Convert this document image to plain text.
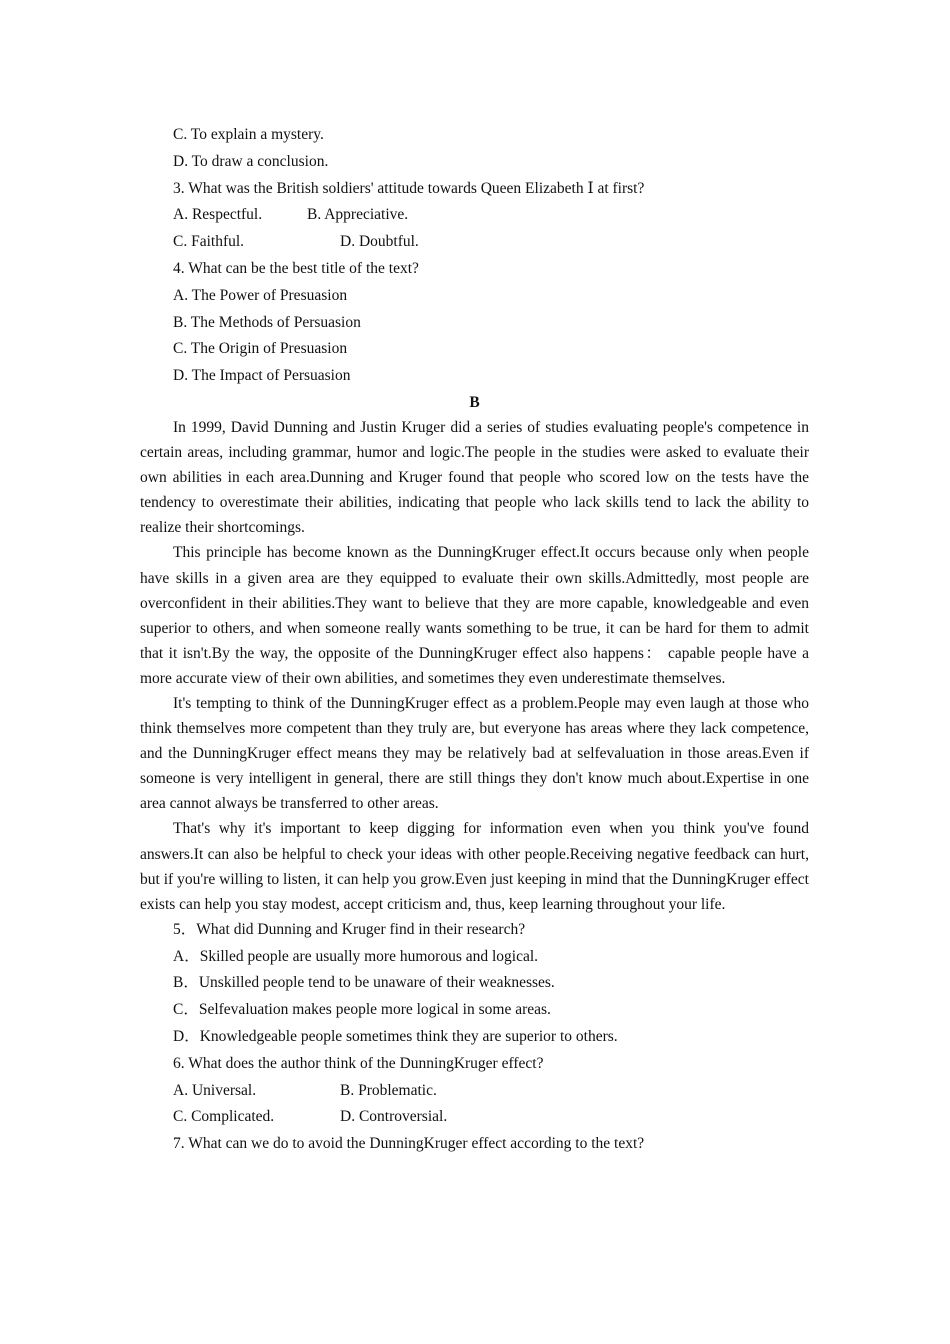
C. To explain a mystery.
D. To draw a conclusion.
3. What was the British soldiers' attitude towards Queen Elizabeth Ⅰ at first?
A. Respectful.	B. Appreciative.
C. Faithful.	D. Doubtful.
4. What can be the best title of the text?
A. The Power of Presuasion
B. The Methods of Persuasion
C. The Origin of Presuasion
D. The Impact of Persuasion
B

In 1999, David Dunning and Justin Kruger did a series of studies evaluating people's competence in certain areas, including grammar, humor and logic.The people in the studies were asked to evaluate their own abilities in each area.Dunning and Kruger found that people who scored low on the tests have the tendency to overestimate their abilities, indicating that people who lack skills tend to lack the ability to realize their shortcomings.

This principle has become known as the DunningKruger effect.It occurs because only when people have skills in a given area are they equipped to evaluate their own skills.Admittedly, most people are overconfident in their abilities.They want to believe that they are more capable, knowledgeable and even superior to others, and when someone really wants something to be true, it can be hard for them to admit that it isn't.By the way, the opposite of the DunningKruger effect also happens： capable people have a more accurate view of their own abilities, and sometimes they even underestimate themselves.

It's tempting to think of the DunningKruger effect as a problem.People may even laugh at those who think themselves more competent than they truly are, but everyone has areas where they lack competence, and the DunningKruger effect means they may be relatively bad at selfevaluation in those areas.Even if someone is very intelligent in general, there are still things they don't know much about.Expertise in one area cannot always be transferred to other areas.

That's why it's important to keep digging for information even when you think you've found answers.It can also be helpful to check your ideas with other people.Receiving negative feedback can hurt, but if you're willing to listen, it can help you grow.Even just keeping in mind that the DunningKruger effect exists can help you stay modest, accept criticism and, thus, keep learning throughout your life.

5．What did Dunning and Kruger find in their research?
A．Skilled people are usually more humorous and logical.
B．Unskilled people tend to be unaware of their weaknesses.
C．Selfevaluation makes people more logical in some areas.
D．Knowledgeable people sometimes think they are superior to others.
6. What does the author think of the DunningKruger effect?
A. Universal.	B. Problematic.
C. Complicated.	D. Controversial.
7. What can we do to avoid the DunningKruger effect according to the text?
